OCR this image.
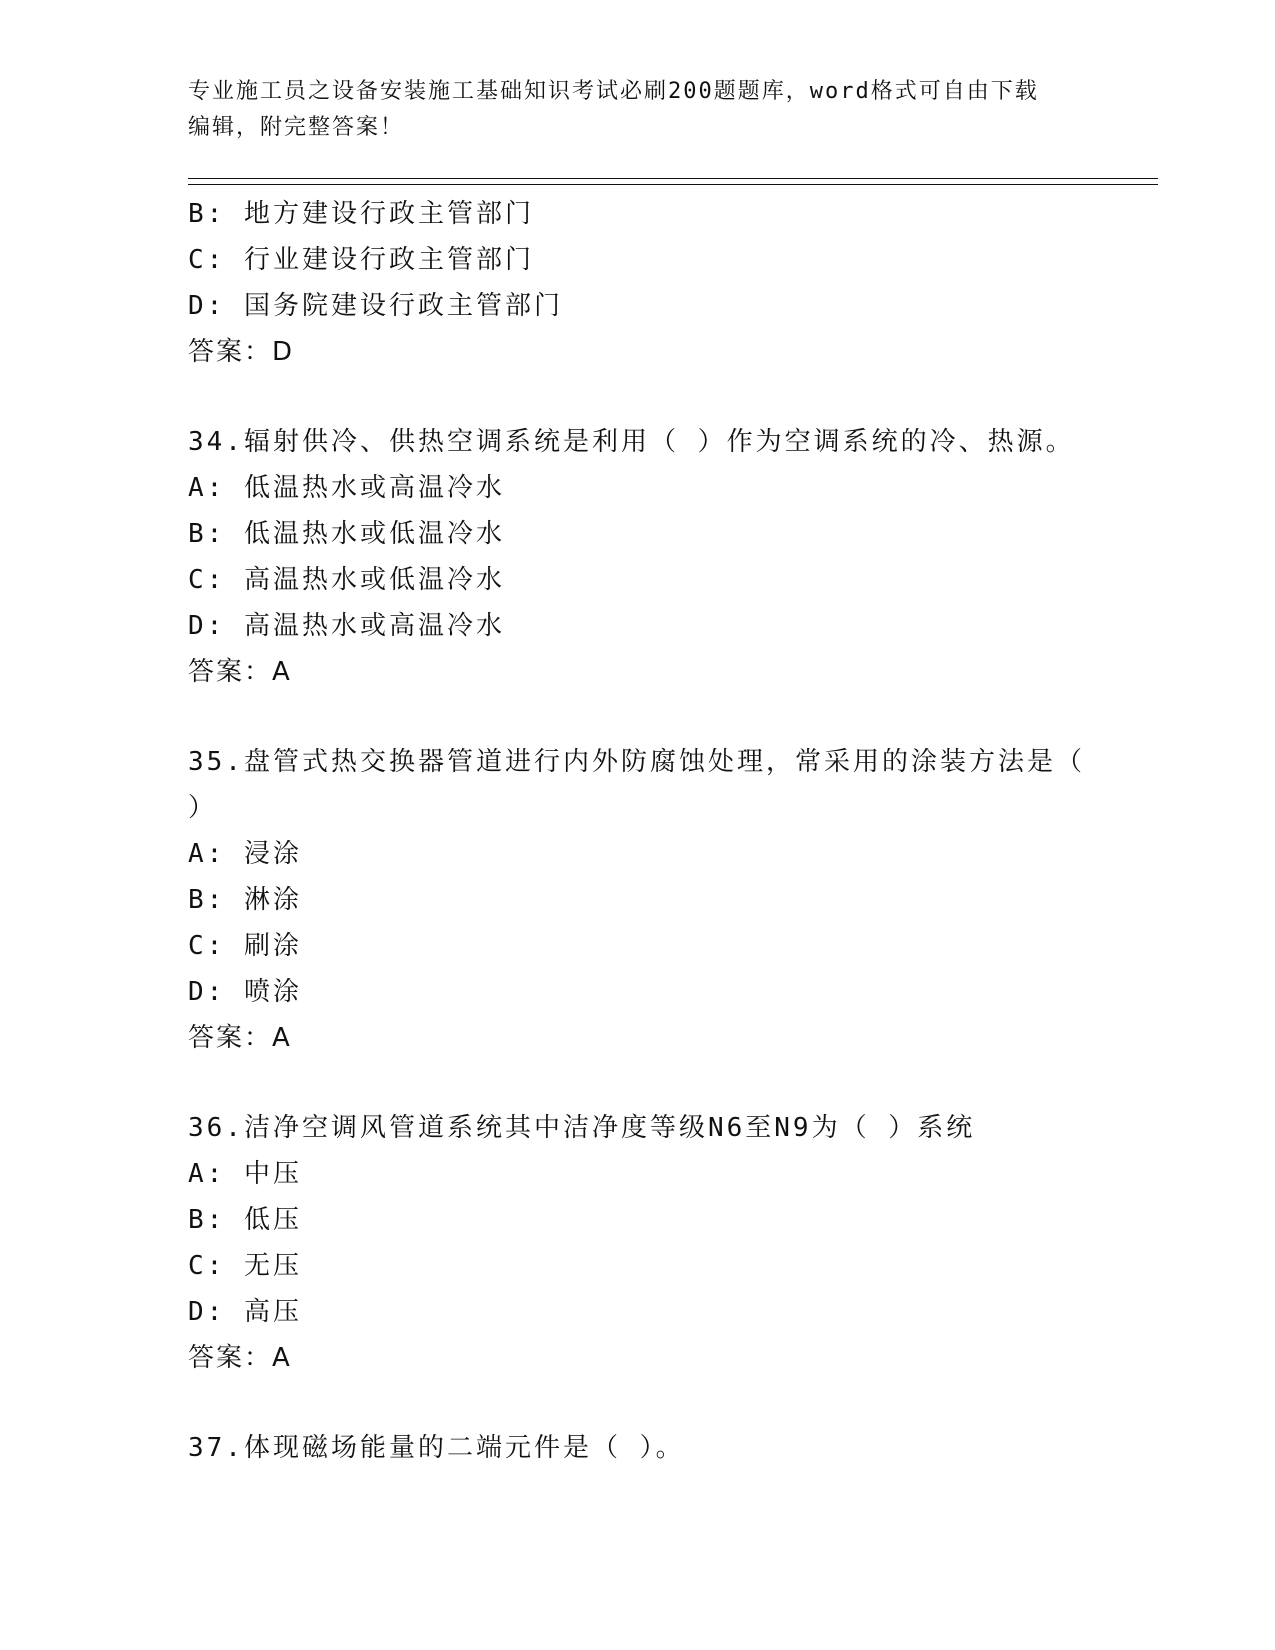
专业施工员之设备安装施工基础知识考试必刷200题题库，word格式可自由下载
编辑，附完整答案！
B: 地方建设行政主管部门
C: 行业建设行政主管部门
D: 国务院建设行政主管部门
答案：D
34.辐射供冷、供热空调系统是利用（ ）作为空调系统的冷、热源。
A: 低温热水或高温冷水
B: 低温热水或低温冷水
C: 高温热水或低温冷水
D: 高温热水或高温冷水
答案：A
35.盘管式热交换器管道进行内外防腐蚀处理，常采用的涂装方法是（
）
A: 浸涂
B: 淋涂
C: 刷涂
D: 喷涂
答案：A
36.洁净空调风管道系统其中洁净度等级N6至N9为（ ）系统
A: 中压
B: 低压
C: 无压
D: 高压
答案：A
37.体现磁场能量的二端元件是（ ）。
